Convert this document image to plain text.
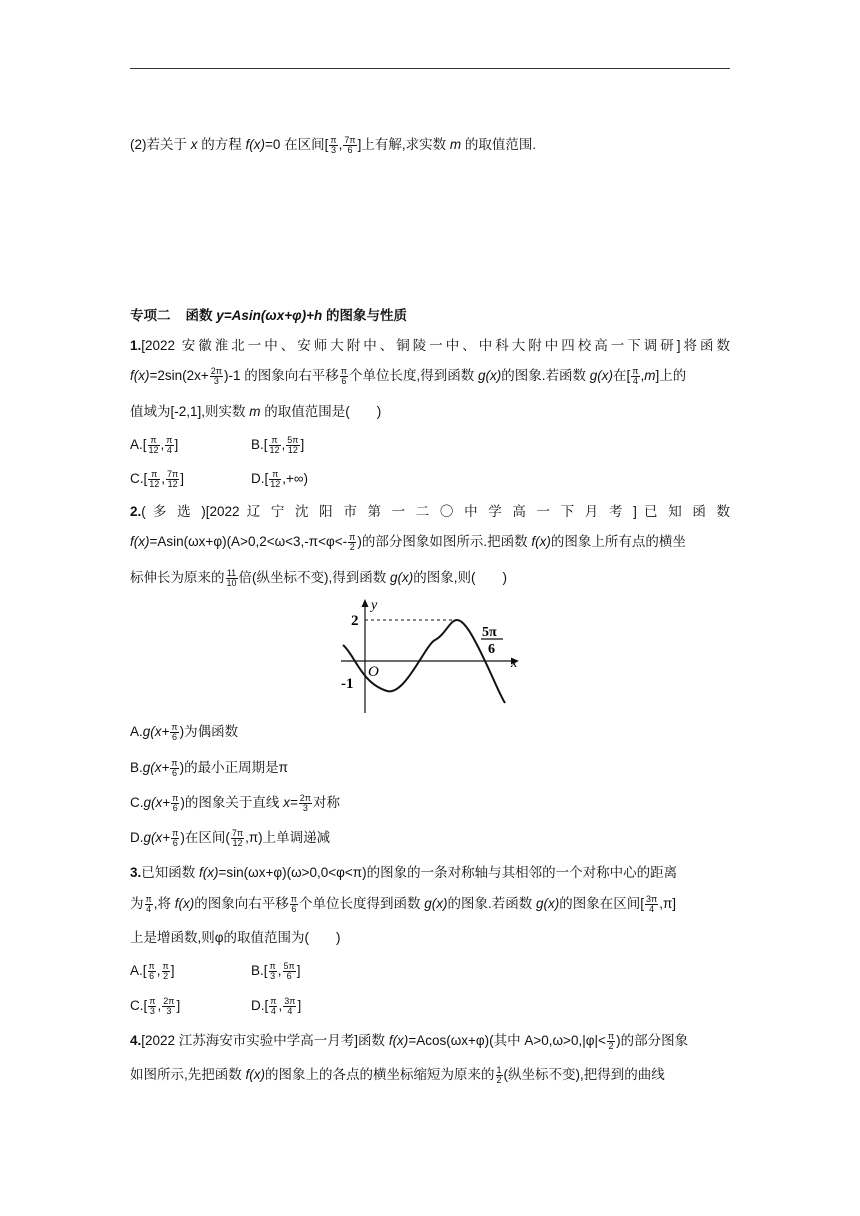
(2)若关于 x 的方程 f(x)=0 在区间[ $\frac{\pi}{3}$ , $\frac{7\pi}{6}$ ]上有解,求实数 m 的取值范围.
专项二 函数 y=Asin(ωx+φ)+h 的图象与性质
1.[2022 安徽淮北一中、安师大附中、铜陵一中、中科大附中四校高一下调研]将函数
$f(x)=2\sin(2x+ \frac{2\pi}{3} )-1$ 的图象向右平移 $\frac{\pi}{6}$ 个单位长度,得到函数 g(x)的图象.若函数 g(x)在[ $\frac{\pi}{4} ,m$]上的
值域为[-2,1],则实数 m 的取值范围是(　　)
$A.[ \frac{\pi}{12}$ , $\frac{\pi}{4}$ ]	$B.[ \frac{\pi}{12}$ , $\frac{5\pi}{12}$ ]
$C.[ \frac{\pi}{12}$ , $\frac{7\pi}{12}$ ]	$D.[ \frac{\pi}{12}$ ,+∞)
2.( 多 选 )[2022 辽 宁 沈 阳 市 第 一 二 〇 中 学 高 一 下 月 考 ] 已 知 函 数
$f(x)=Asin(\omega x+\varphi)(A>0,2<\omega<3,-\pi<\varphi<- \frac{\pi}{2}$ )的部分图象如图所示.把函数 f(x)的图象上所有点的横坐
标伸长为原来的 $\frac{11}{10}$ 倍(纵坐标不变),得到函数 g(x)的图象,则(　　)
y
x
O
2
-1
5π
6
$A.g(x+ \frac{\pi}{6}$ )为偶函数
$B.g(x+ \frac{\pi}{6}$ )的最小正周期是π
$C.g(x+ \frac{\pi}{6}$ )的图象关于直线 $x= \frac{2\pi}{3}$ 对称
$D.g(x+ \frac{\pi}{6}$ )在区间( $\frac{7\pi}{12} ,\pi$)上单调递减
3.已知函数 f(x)=sin(ωx+φ)(ω>0,0<φ<π)的图象的一条对称轴与其相邻的一个对称中心的距离
为 $\frac{\pi}{4}$ ,将 f(x)的图象向右平移 $\frac{\pi}{6}$ 个单位长度得到函数 g(x)的图象.若函数 g(x)的图象在区间[ $\frac{3\pi}{4} ,\pi$]
上是增函数,则φ的取值范围为(　　)
$A.[ \frac{\pi}{6}$ , $\frac{\pi}{2}$ ]	$B.[ \frac{\pi}{3}$ , $\frac{5\pi}{6}$ ]
$C.[ \frac{\pi}{3}$ , $\frac{2\pi}{3}$ ]	$D.[ \frac{\pi}{4}$ , $\frac{3\pi}{4}$ ]
4.[2022 江苏海安市实验中学高一月考]函数 f(x)=Acos(ωx+φ)(其中 $A>0,\omega>0,|\varphi|< \frac{\pi}{2}$ )的部分图象
如图所示,先把函数 f(x)的图象上的各点的横坐标缩短为原来的 $\frac{1}{2}$ (纵坐标不变),把得到的曲线
